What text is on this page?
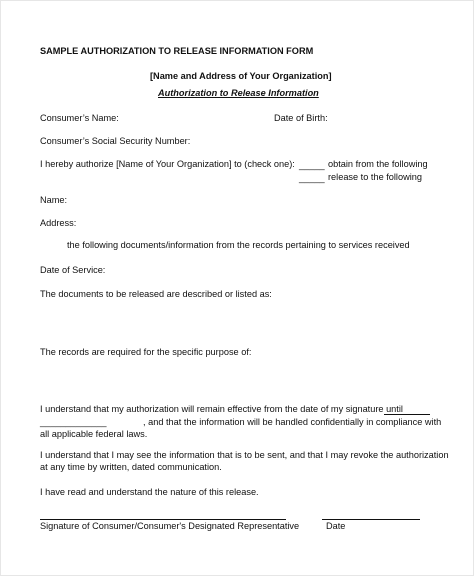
SAMPLE AUTHORIZATION TO RELEASE INFORMATION FORM
[Name and Address of Your Organization]
Authorization to Release Information
Consumer’s Name:	Date of Birth:
Consumer’s Social Security Number:
I hereby authorize [Name of Your Organization] to (check one): _____ obtain from the following
_____ release to the following
Name:
Address:
the following documents/information from the records pertaining to services received
Date of Service:
The documents to be released are described or listed as:
The records are required for the specific purpose of:
I understand that my authorization will remain effective from the date of my signature until
_____________	, and that the information will be handled confidentially in compliance with
all applicable federal laws.
I understand that I may see the information that is to be sent, and that I may revoke the authorization
at any time by written, dated communication.
I have read and understand the nature of this release.
Signature of Consumer/Consumer's Designated Representative	Date
